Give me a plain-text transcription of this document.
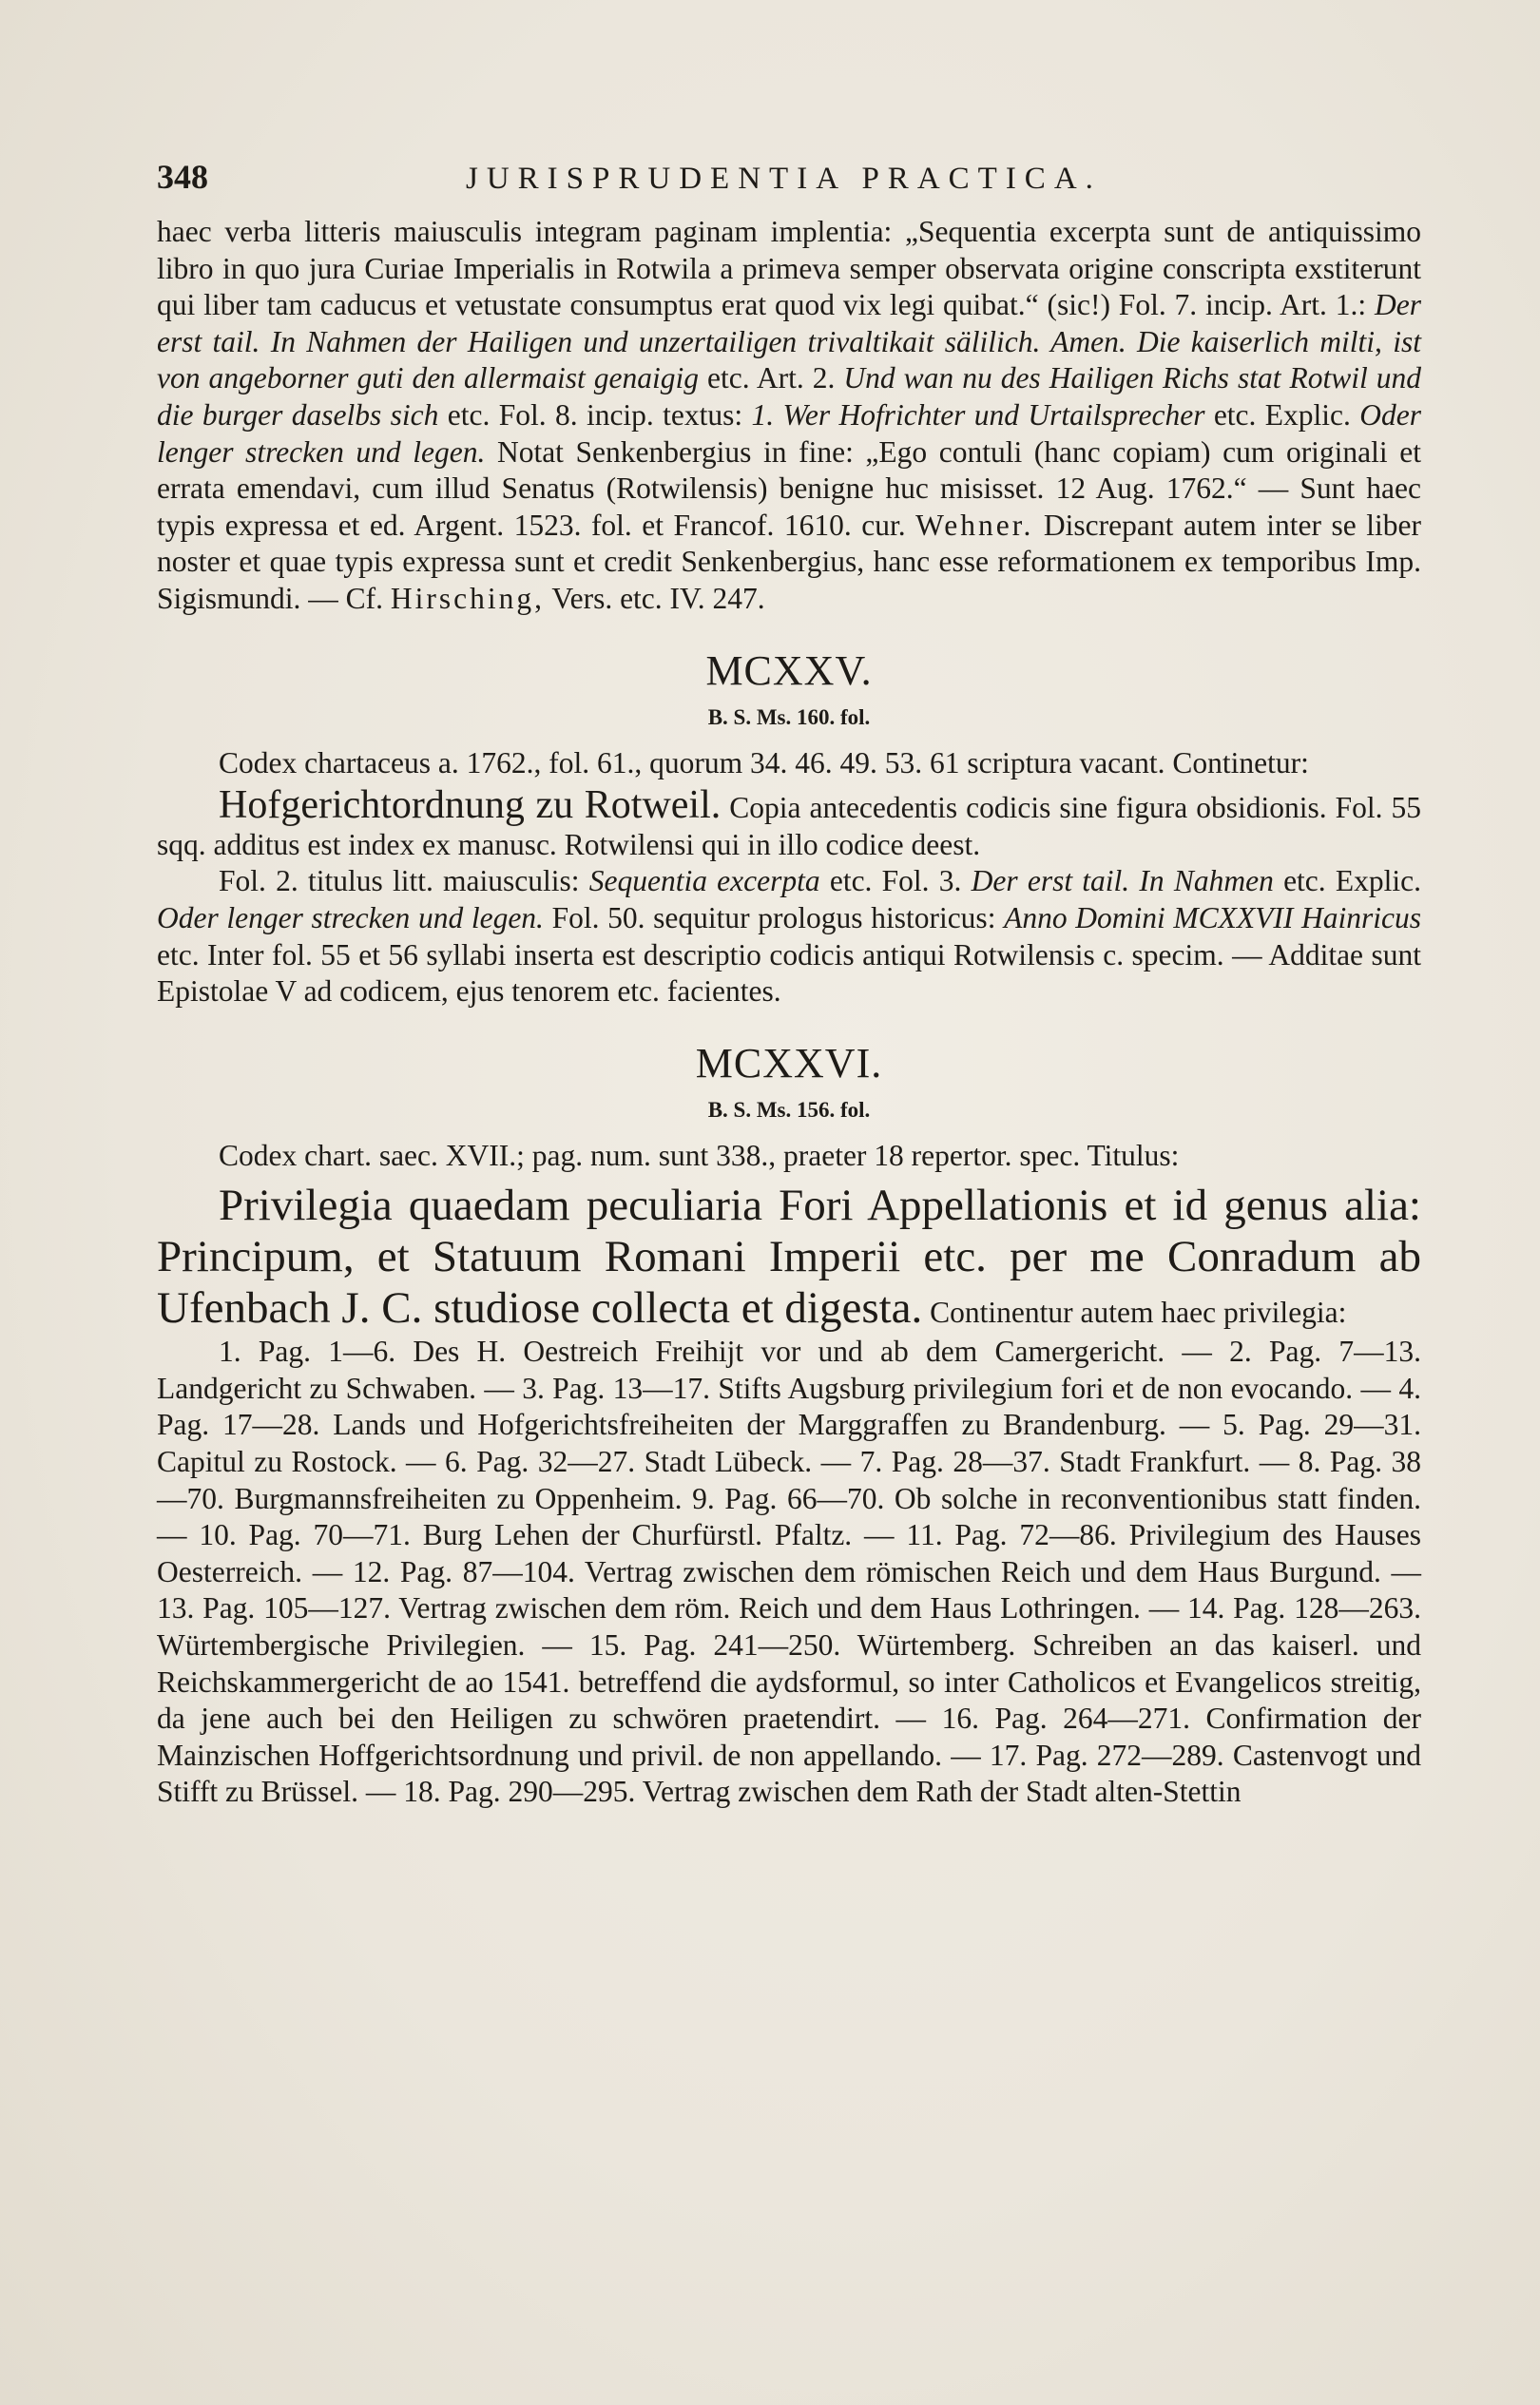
348	JURISPRUDENTIA PRACTICA.

haec verba litteris maiusculis integram paginam implentia: „Sequentia excerpta sunt de antiquissimo libro in quo jura Curiae Imperialis in Rotwila a primeva semper observata origine conscripta exstiterunt qui liber tam caducus et vetustate consumptus erat quod vix legi quibat.“ (sic!) Fol. 7. incip. Art. 1.: Der erst tail. In Nahmen der Hailigen und unzertailigen trivaltikait sälilich. Amen. Die kaiserlich milti, ist von angeborner guti den allermaist genaigig etc. Art. 2. Und wan nu des Hailigen Richs stat Rotwil und die burger daselbs sich etc. Fol. 8. incip. textus: 1. Wer Hofrichter und Urtailsprecher etc. Explic. Oder lenger strecken und legen. Notat Senkenbergius in fine: „Ego contuli (hanc copiam) cum originali et errata emendavi, cum illud Senatus (Rotwilensis) benigne huc misisset. 12 Aug. 1762.“ — Sunt haec typis expressa et ed. Argent. 1523. fol. et Francof. 1610. cur. Wehner. Discrepant autem inter se liber noster et quae typis expressa sunt et credit Senkenbergius, hanc esse reformationem ex temporibus Imp. Sigismundi. — Cf. Hirsching, Vers. etc. IV. 247.

MCXXV.
B. S. Ms. 160. fol.

Codex chartaceus a. 1762., fol. 61., quorum 34. 46. 49. 53. 61 scriptura vacant. Continetur:

Hofgerichtordnung zu Rotweil. Copia antecedentis codicis sine figura obsidionis. Fol. 55 sqq. additus est index ex manusc. Rotwilensi qui in illo codice deest.

Fol. 2. titulus litt. maiusculis: Sequentia excerpta etc. Fol. 3. Der erst tail. In Nahmen etc. Explic. Oder lenger strecken und legen. Fol. 50. sequitur prologus historicus: Anno Domini MCXXVII Hainricus etc. Inter fol. 55 et 56 syllabi inserta est descriptio codicis antiqui Rotwilensis c. specim. — Additae sunt Epistolae V ad codicem, ejus tenorem etc. facientes.

MCXXVI.
B. S. Ms. 156. fol.

Codex chart. saec. XVII.; pag. num. sunt 338., praeter 18 repertor. spec. Titulus:

Privilegia quaedam peculiaria Fori Appellationis et id genus alia: Principum, et Statuum Romani Imperii etc. per me Conradum ab Ufenbach J. C. studiose collecta et digesta. Continentur autem haec privilegia:

1. Pag. 1—6. Des H. Oestreich Freihijt vor und ab dem Camergericht. — 2. Pag. 7—13. Landgericht zu Schwaben. — 3. Pag. 13—17. Stifts Augsburg privilegium fori et de non evocando. — 4. Pag. 17—28. Lands und Hofgerichtsfreiheiten der Marggraffen zu Brandenburg. — 5. Pag. 29—31. Capitul zu Rostock. — 6. Pag. 32—27. Stadt Lübeck. — 7. Pag. 28—37. Stadt Frankfurt. — 8. Pag. 38—70. Burgmannsfreiheiten zu Oppenheim. 9. Pag. 66—70. Ob solche in reconventionibus statt finden. — 10. Pag. 70—71. Burg Lehen der Churfürstl. Pfaltz. — 11. Pag. 72—86. Privilegium des Hauses Oesterreich. — 12. Pag. 87—104. Vertrag zwischen dem römischen Reich und dem Haus Burgund. — 13. Pag. 105—127. Vertrag zwischen dem röm. Reich und dem Haus Lothringen. — 14. Pag. 128—263. Würtembergische Privilegien. — 15. Pag. 241—250. Würtemberg. Schreiben an das kaiserl. und Reichskammergericht de ao 1541. betreffend die aydsformul, so inter Catholicos et Evangelicos streitig, da jene auch bei den Heiligen zu schwören praetendirt. — 16. Pag. 264—271. Confirmation der Mainzischen Hoffgerichtsordnung und privil. de non appellando. — 17. Pag. 272—289. Castenvogt und Stifft zu Brüssel. — 18. Pag. 290—295. Vertrag zwischen dem Rath der Stadt alten-Stettin
